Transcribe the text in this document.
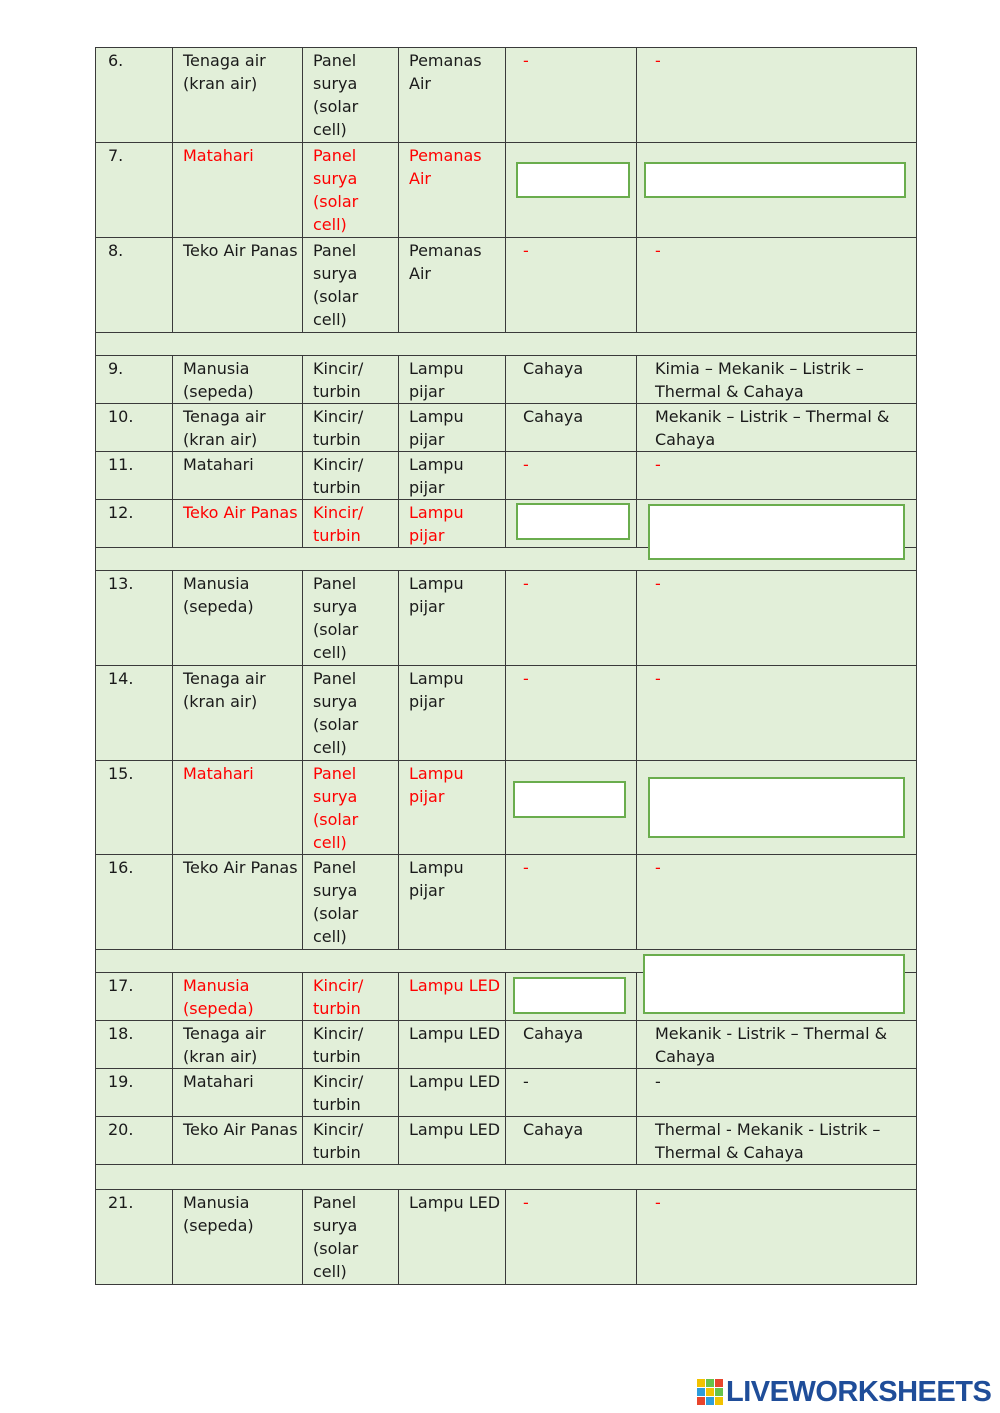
6.	Tenaga air (kran air)	Panel surya (solar cell)	Pemanas Air	-	-
7.	Matahari	Panel surya (solar cell)	Pemanas Air		
8.	Teko Air Panas	Panel surya (solar cell)	Pemanas Air	-	-

9.	Manusia (sepeda)	Kincir/ turbin	Lampu pijar	Cahaya	Kimia – Mekanik – Listrik – Thermal & Cahaya
10.	Tenaga air (kran air)	Kincir/ turbin	Lampu pijar	Cahaya	Mekanik – Listrik – Thermal & Cahaya
11.	Matahari	Kincir/ turbin	Lampu pijar	-	-
12.	Teko Air Panas	Kincir/ turbin	Lampu pijar		

13.	Manusia (sepeda)	Panel surya (solar cell)	Lampu pijar	-	-
14.	Tenaga air (kran air)	Panel surya (solar cell)	Lampu pijar	-	-
15.	Matahari	Panel surya (solar cell)	Lampu pijar		
16.	Teko Air Panas	Panel surya (solar cell)	Lampu pijar	-	-

17.	Manusia (sepeda)	Kincir/ turbin	Lampu LED		
18.	Tenaga air (kran air)	Kincir/ turbin	Lampu LED	Cahaya	Mekanik - Listrik – Thermal & Cahaya
19.	Matahari	Kincir/ turbin	Lampu LED	-	-
20.	Teko Air Panas	Kincir/ turbin	Lampu LED	Cahaya	Thermal - Mekanik - Listrik – Thermal & Cahaya

21.	Manusia (sepeda)	Panel surya (solar cell)	Lampu LED	-	-
LIVEWORKSHEETS
